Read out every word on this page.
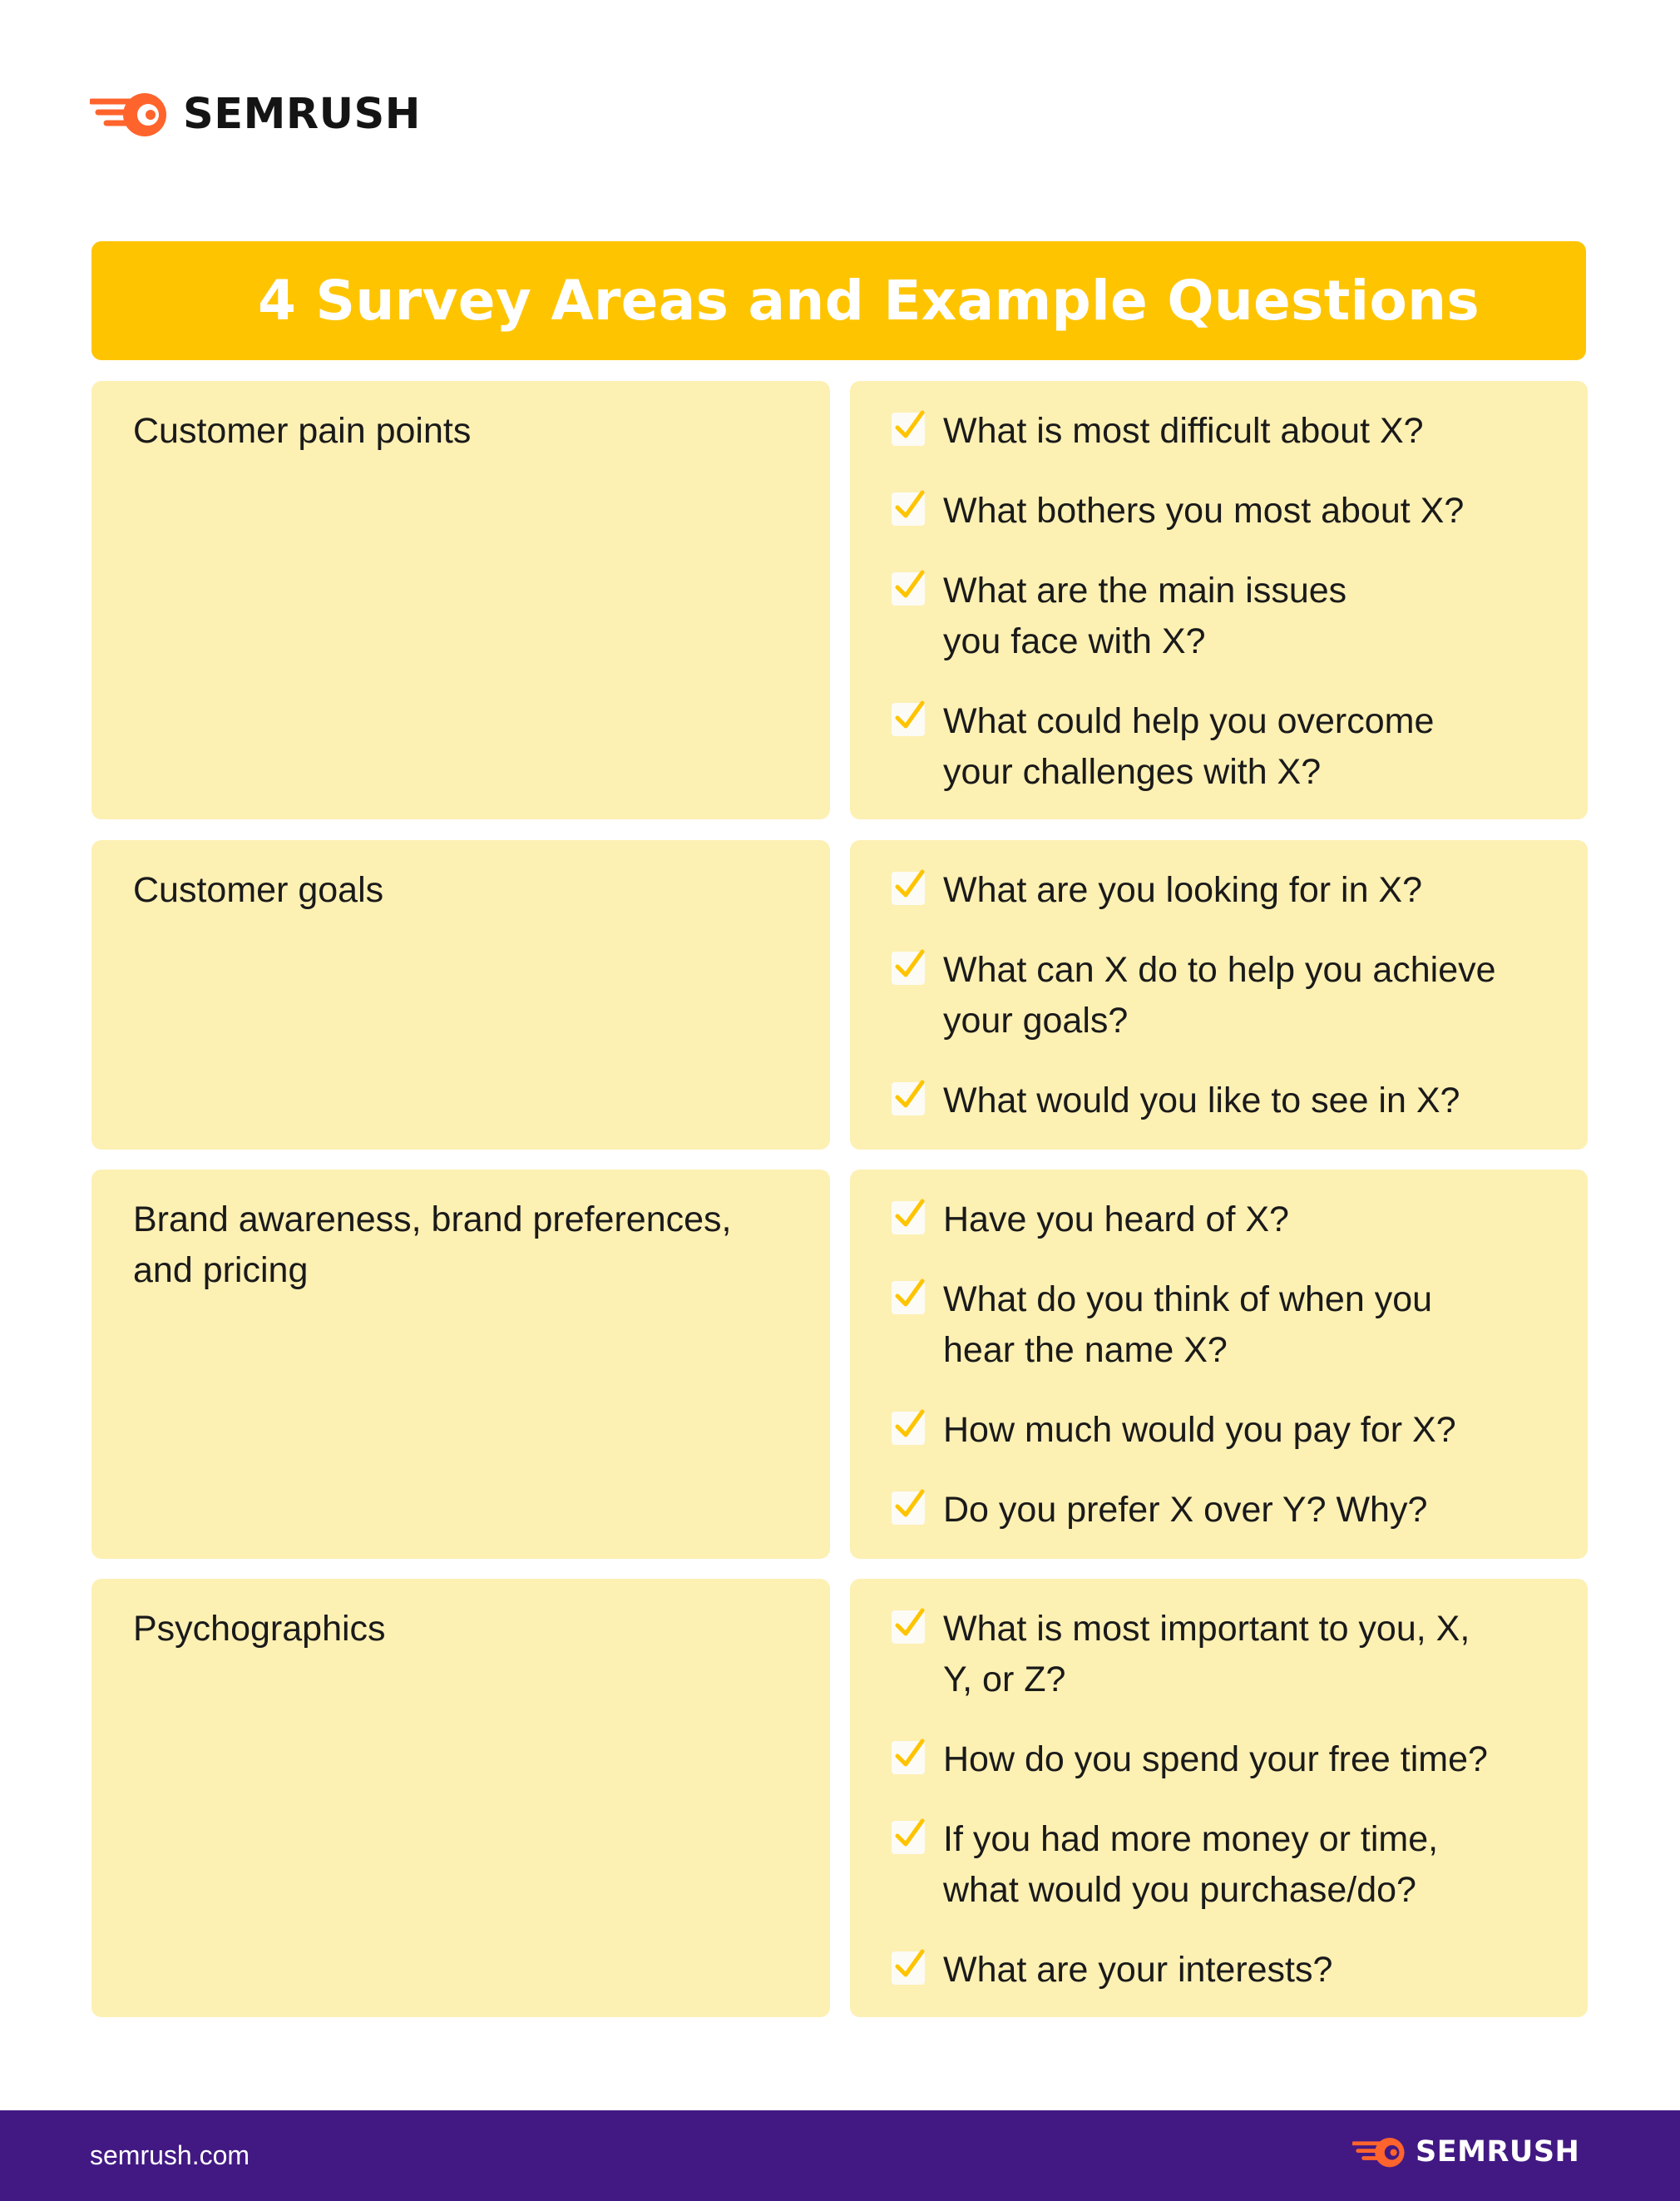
SEMRUSH
4 Survey Areas and Example Questions
Customer pain points	What is most difficult about X?
What bothers you most about X?
What are the main issues you face with X?
What could help you overcome your challenges with X?
Customer goals	What are you looking for in X?
What can X do to help you achieve your goals?
What would you like to see in X?
Brand awareness, brand preferences, and pricing
Have you heard of X?
What do you think of when you hear the name X?
How much would you pay for X?
Do you prefer X over Y? Why?
Psychographics	What is most important to you, X, Y, or Z?
How do you spend your free time?
If you had more money or time, what would you purchase/do?
What are your interests?
semrush.com	SEMRUSH
